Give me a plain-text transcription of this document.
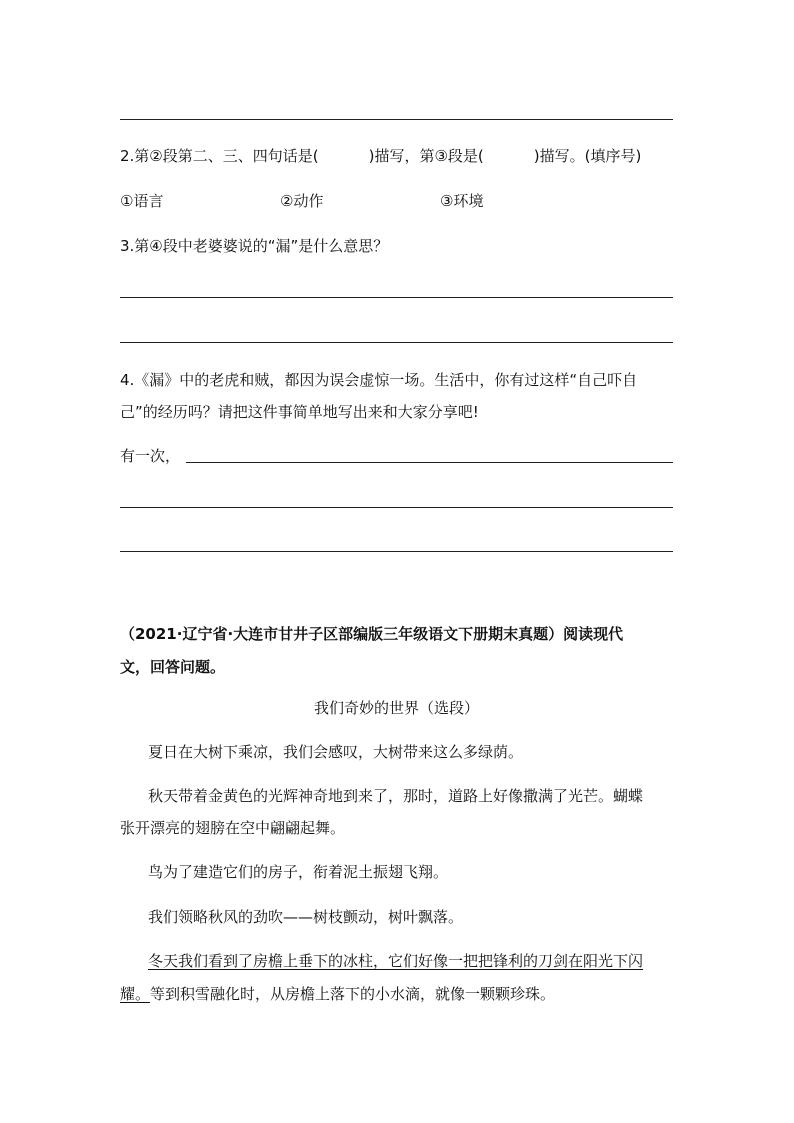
2.第②段第二、三、四句话是(	)描写，第③段是(	)描写。(填序号)
①语言	②动作	③环境
3.第④段中老婆婆说的“漏”是什么意思？
4.《漏》中的老虎和贼，都因为误会虚惊一场。生活中，你有过这样“自己吓自
己”的经历吗？请把这件事简单地写出来和大家分享吧!
有一次，
（2021·辽宁省·大连市甘井子区部编版三年级语文下册期末真题）阅读现代
文，回答问题。
我们奇妙的世界（选段）
夏日在大树下乘凉，我们会感叹，大树带来这么多绿荫。
秋天带着金黄色的光辉神奇地到来了，那时，道路上好像撒满了光芒。蝴蝶
张开漂亮的翅膀在空中翩翩起舞。
鸟为了建造它们的房子，衔着泥土振翅飞翔。
我们领略秋风的劲吹——树枝颤动，树叶飘落。
冬天我们看到了房檐上垂下的冰柱，它们好像一把把锋利的刀剑在阳光下闪
耀。等到积雪融化时，从房檐上落下的小水滴，就像一颗颗珍珠。
